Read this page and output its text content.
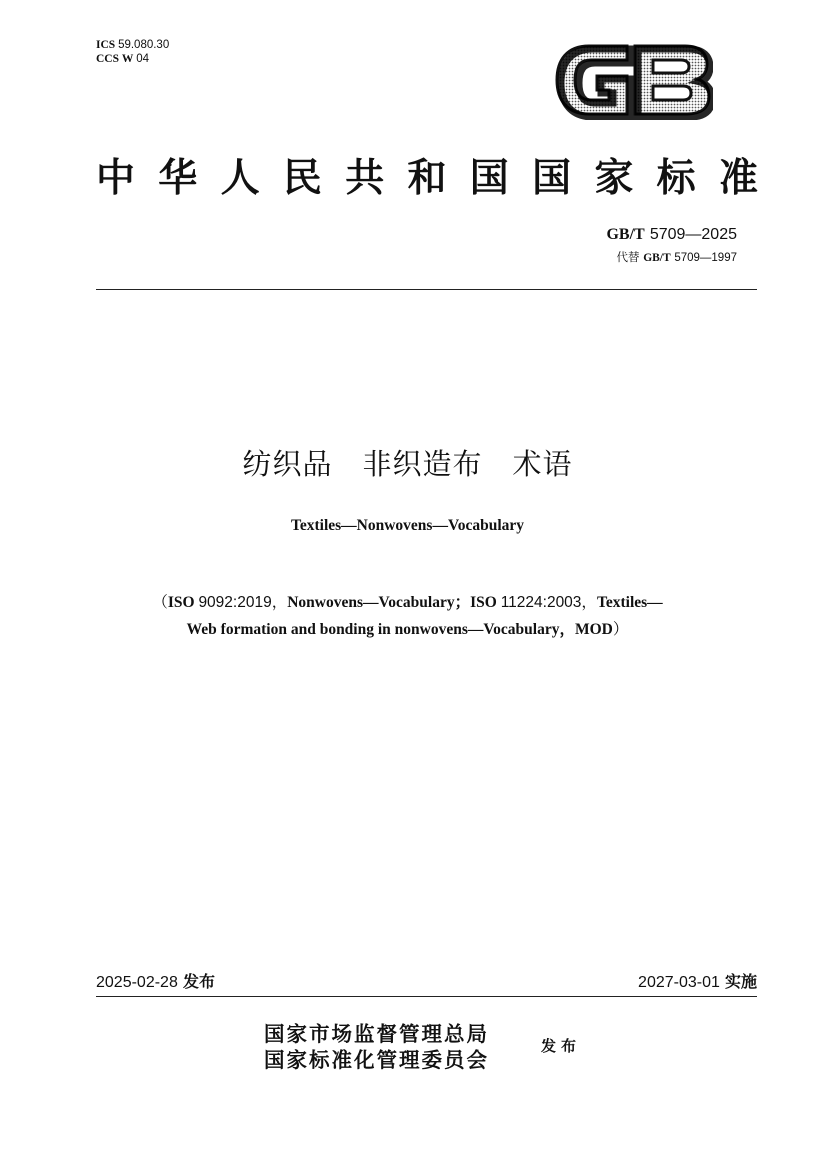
ICS 59.080.30
CCS W 04
中 华 人 民 共 和 国 国 家 标 准
GB/T 5709—2025
代替 GB/T 5709—1997
纺织品　非织造布　术语
Textiles—Nonwovens—Vocabulary
（ISO 9092:2019，Nonwovens—Vocabulary；ISO 11224:2003，Textiles—
Web formation and bonding in nonwovens—Vocabulary，MOD）
2025-02-28 发布	2027-03-01 实施
国家市场监督管理总局
国家标准化管理委员会
发布
